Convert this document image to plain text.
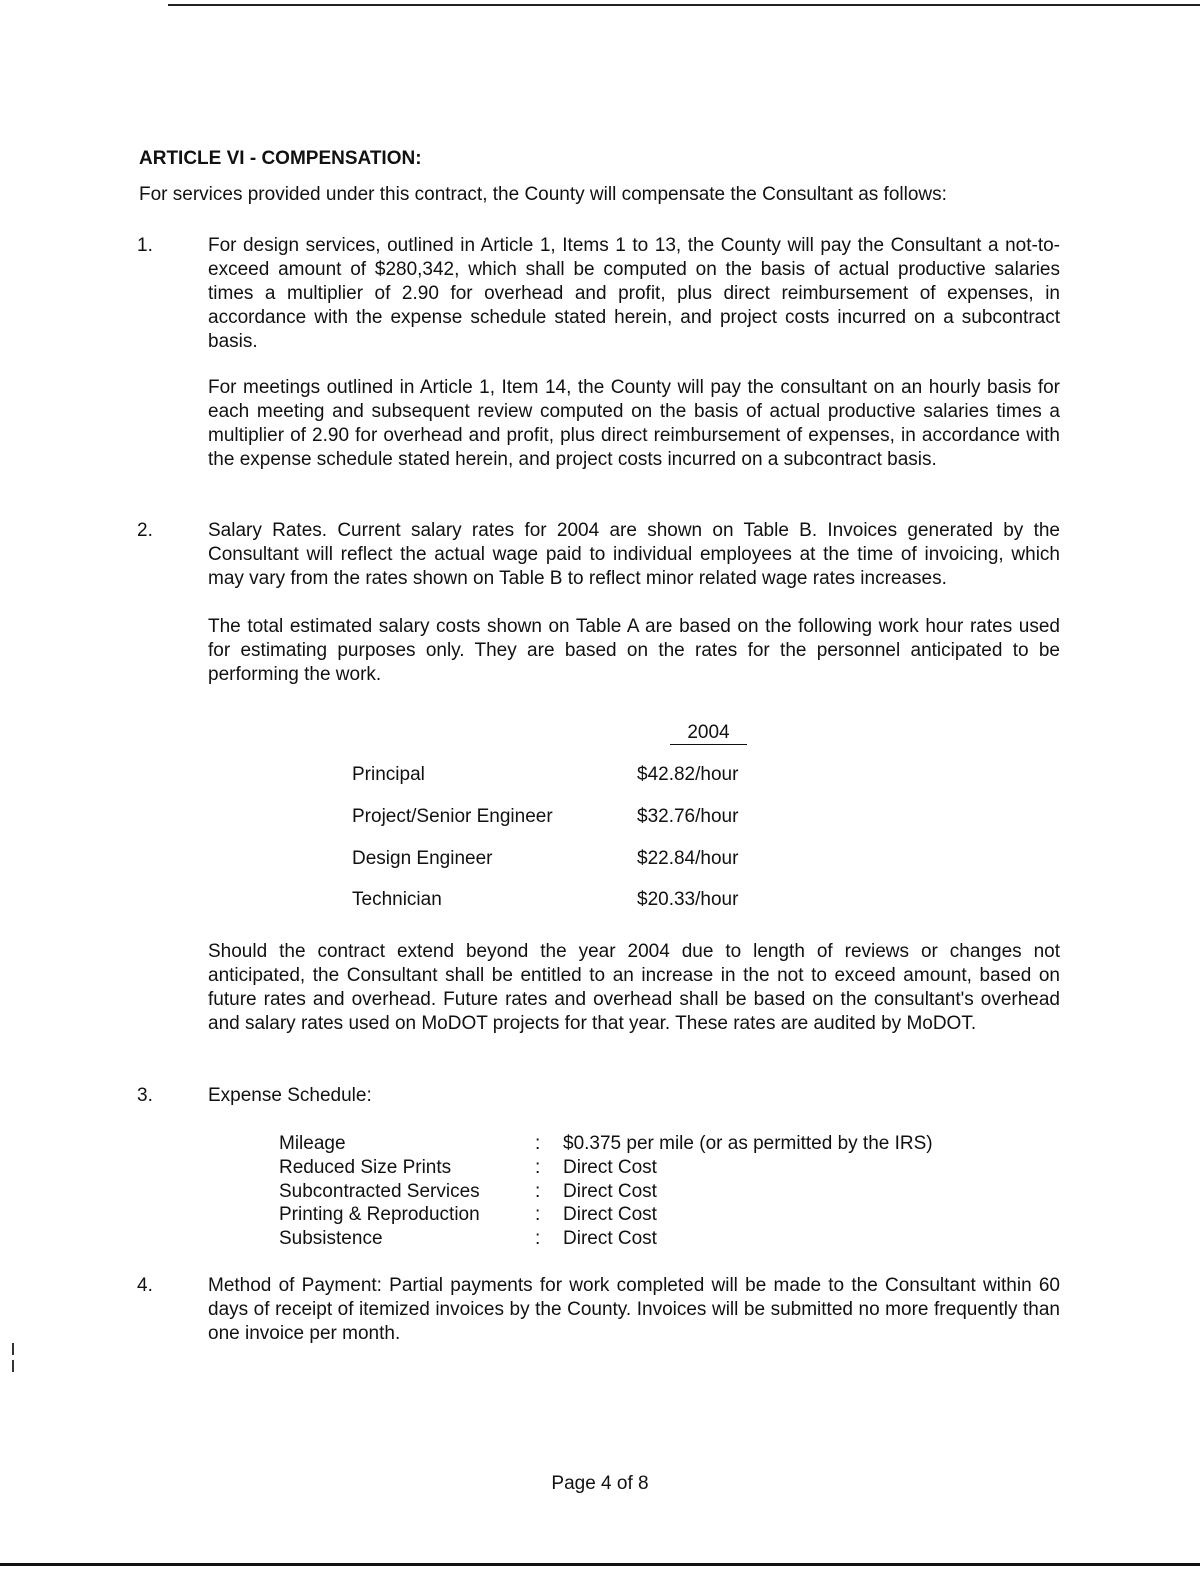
ARTICLE VI - COMPENSATION:
For services provided under this contract, the County will compensate the Consultant as follows:
1.	For design services, outlined in Article 1, Items 1 to 13, the County will pay the Consultant a not-to-exceed amount of $280,342, which shall be computed on the basis of actual productive salaries times a multiplier of 2.90 for overhead and profit, plus direct reimbursement of expenses, in accordance with the expense schedule stated herein, and project costs incurred on a subcontract basis.
For meetings outlined in Article 1, Item 14, the County will pay the consultant on an hourly basis for each meeting and subsequent review computed on the basis of actual productive salaries times a multiplier of 2.90 for overhead and profit, plus direct reimbursement of expenses, in accordance with the expense schedule stated herein, and project costs incurred on a subcontract basis.
2.	Salary Rates. Current salary rates for 2004 are shown on Table B. Invoices generated by the Consultant will reflect the actual wage paid to individual employees at the time of invoicing, which may vary from the rates shown on Table B to reflect minor related wage rates increases.
The total estimated salary costs shown on Table A are based on the following work hour rates used for estimating purposes only. They are based on the rates for the personnel anticipated to be performing the work.
2004
Principal	$42.82/hour
Project/Senior Engineer	$32.76/hour
Design Engineer	$22.84/hour
Technician	$20.33/hour
Should the contract extend beyond the year 2004 due to length of reviews or changes not anticipated, the Consultant shall be entitled to an increase in the not to exceed amount, based on future rates and overhead. Future rates and overhead shall be based on the consultant's overhead and salary rates used on MoDOT projects for that year. These rates are audited by MoDOT.
3.	Expense Schedule:
Mileage	: $0.375 per mile (or as permitted by the IRS)
Reduced Size Prints	: Direct Cost
Subcontracted Services	: Direct Cost
Printing & Reproduction	: Direct Cost
Subsistence	: Direct Cost
4.	Method of Payment: Partial payments for work completed will be made to the Consultant within 60 days of receipt of itemized invoices by the County. Invoices will be submitted no more frequently than one invoice per month.
Page 4 of 8
